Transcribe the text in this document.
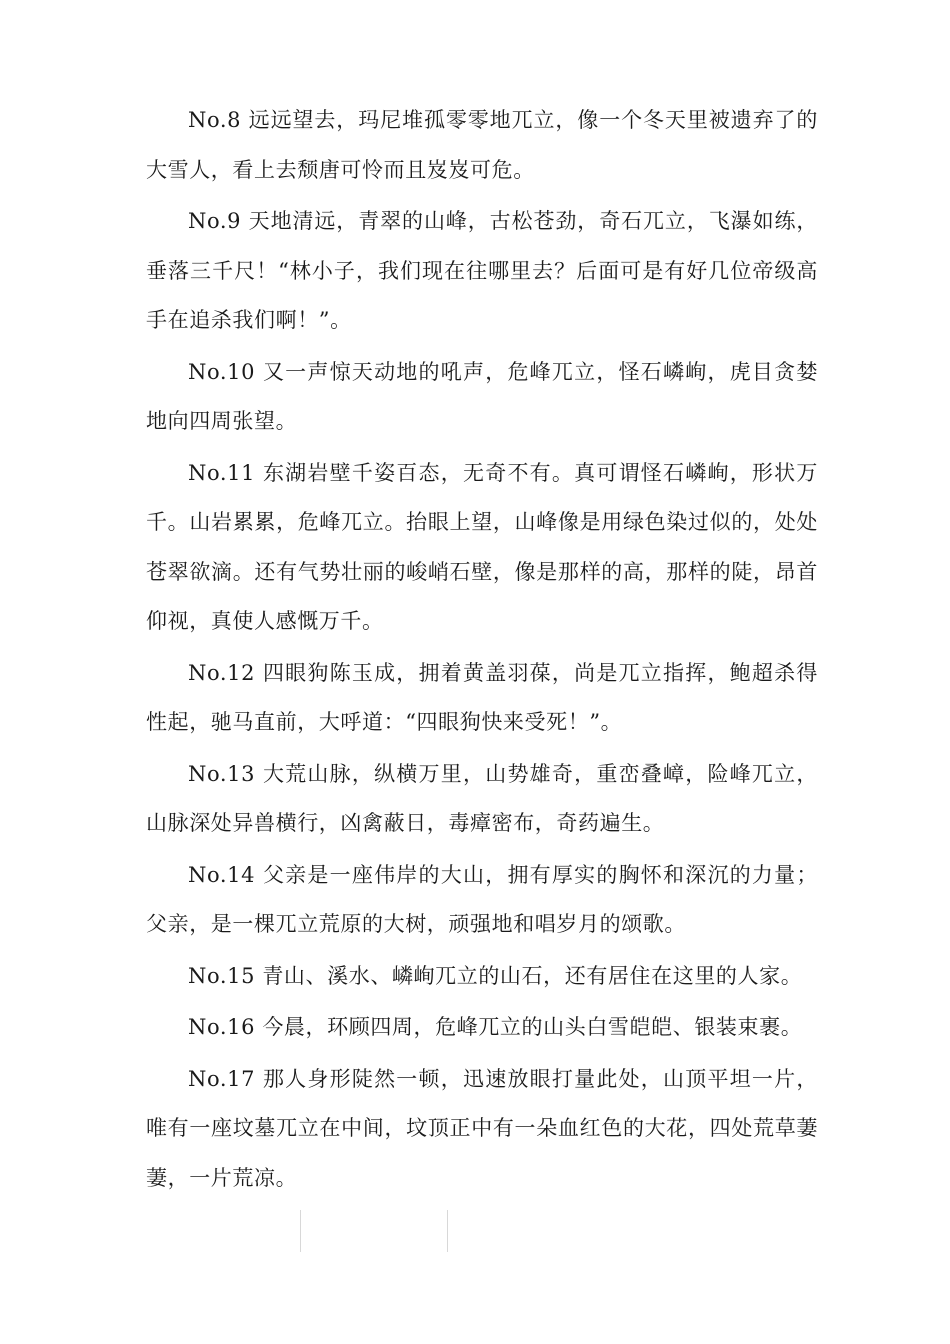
No.8 远远望去，玛尼堆孤零零地兀立，像一个冬天里被遗弃了的大雪人，看上去颓唐可怜而且岌岌可危。

No.9 天地清远，青翠的山峰，古松苍劲，奇石兀立，飞瀑如练，垂落三千尺！“林小子，我们现在往哪里去？后面可是有好几位帝级高手在追杀我们啊！”。

No.10 又一声惊天动地的吼声，危峰兀立，怪石嶙峋，虎目贪婪地向四周张望。

No.11 东湖岩壁千姿百态，无奇不有。真可谓怪石嶙峋，形状万千。山岩累累，危峰兀立。抬眼上望，山峰像是用绿色染过似的，处处苍翠欲滴。还有气势壮丽的峻峭石壁，像是那样的高，那样的陡，昂首仰视，真使人感慨万千。

No.12 四眼狗陈玉成，拥着黄盖羽葆，尚是兀立指挥，鲍超杀得性起，驰马直前，大呼道：“四眼狗快来受死！”。

No.13 大荒山脉，纵横万里，山势雄奇，重峦叠嶂，险峰兀立，山脉深处异兽横行，凶禽蔽日，毒瘴密布，奇药遍生。

No.14 父亲是一座伟岸的大山，拥有厚实的胸怀和深沉的力量；父亲，是一棵兀立荒原的大树，顽强地和唱岁月的颂歌。

No.15 青山、溪水、嶙峋兀立的山石，还有居住在这里的人家。

No.16 今晨，环顾四周，危峰兀立的山头白雪皑皑、银装束裹。

No.17 那人身形陡然一顿，迅速放眼打量此处，山顶平坦一片，唯有一座坟墓兀立在中间，坟顶正中有一朵血红色的大花，四处荒草萋萋，一片荒凉。
